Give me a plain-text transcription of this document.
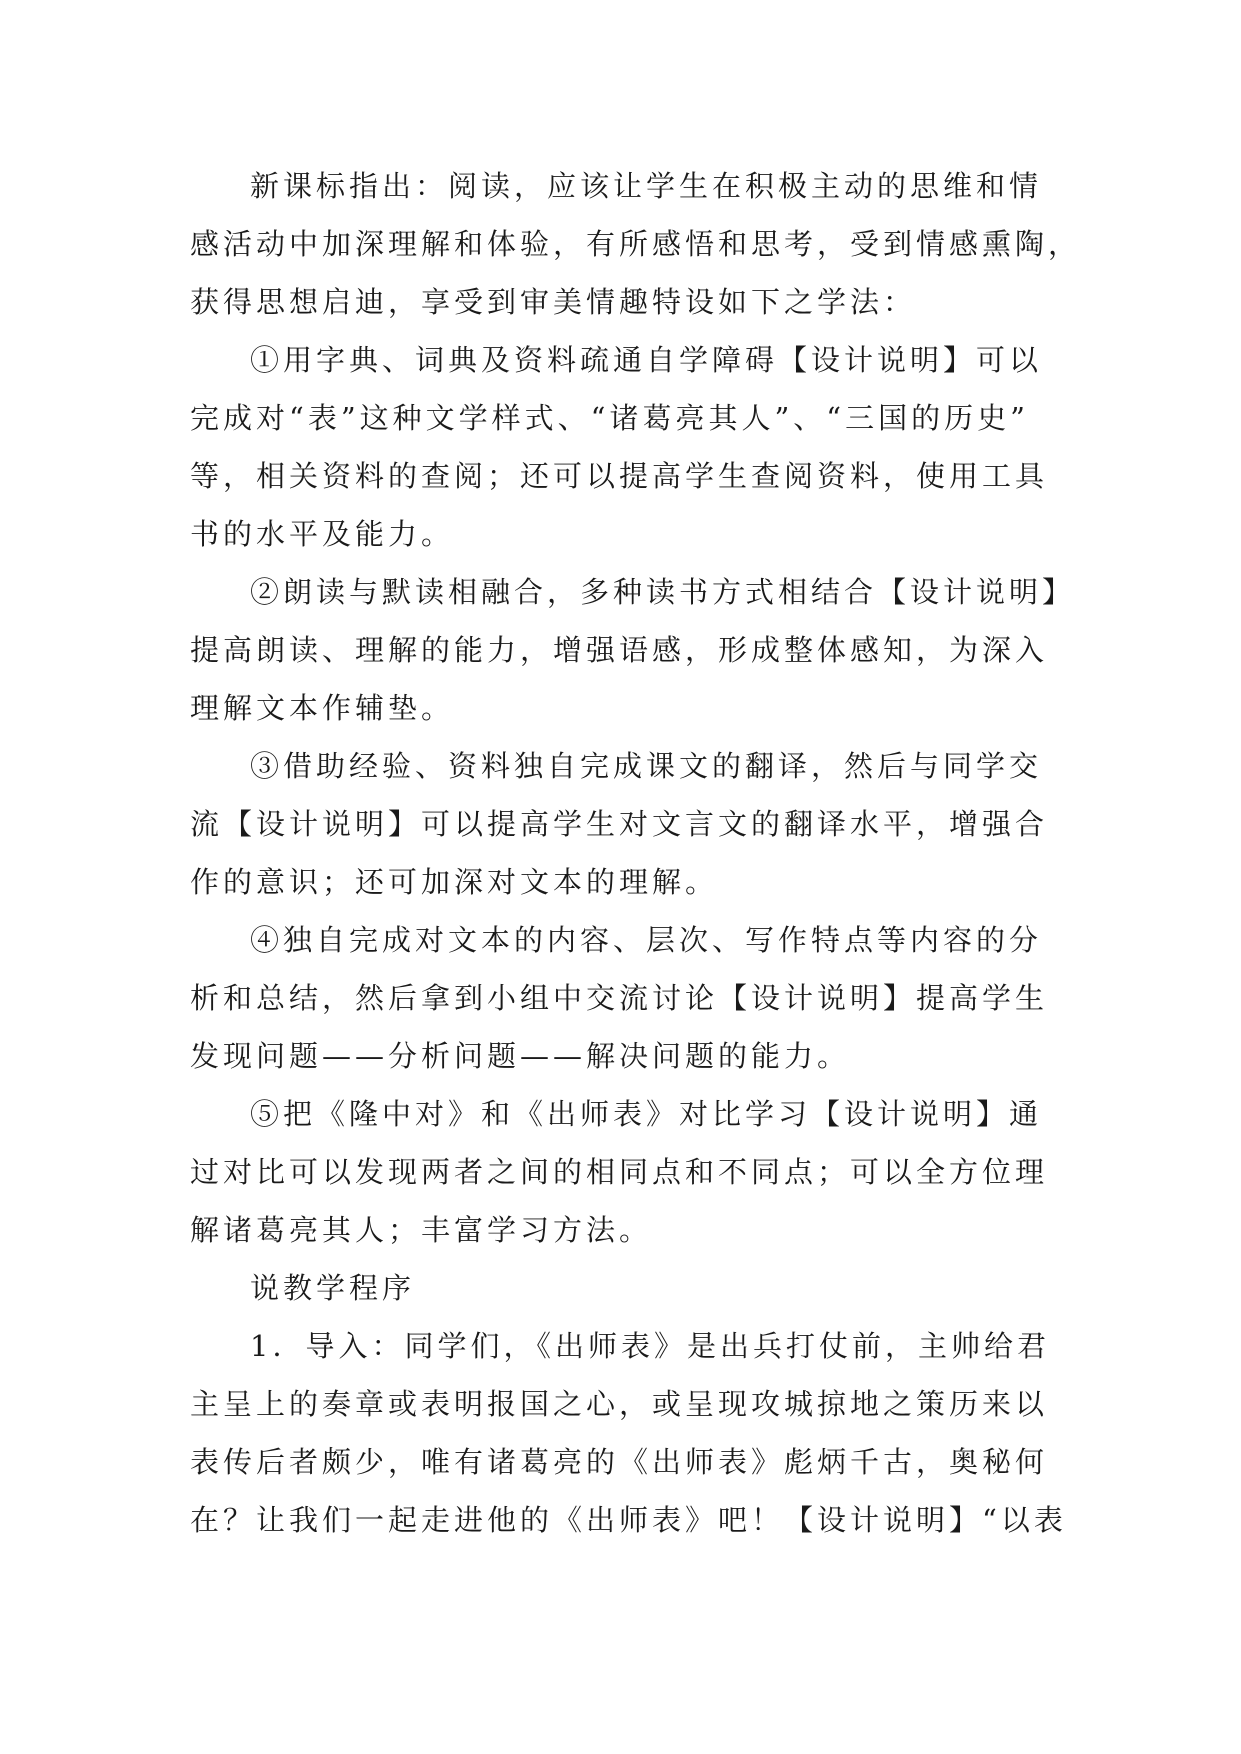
新课标指出：阅读，应该让学生在积极主动的思维和情
感活动中加深理解和体验，有所感悟和思考，受到情感熏陶，
获得思想启迪，享受到审美情趣特设如下之学法：
①用字典、词典及资料疏通自学障碍【设计说明】可以
完成对“表”这种文学样式、“诸葛亮其人”、“三国的历史”
等，相关资料的查阅；还可以提高学生查阅资料，使用工具
书的水平及能力。
②朗读与默读相融合，多种读书方式相结合【设计说明】
提高朗读、理解的能力，增强语感，形成整体感知，为深入
理解文本作辅垫。
③借助经验、资料独自完成课文的翻译，然后与同学交
流【设计说明】可以提高学生对文言文的翻译水平，增强合
作的意识；还可加深对文本的理解。
④独自完成对文本的内容、层次、写作特点等内容的分
析和总结，然后拿到小组中交流讨论【设计说明】提高学生
发现问题——分析问题——解决问题的能力。
⑤把《隆中对》和《出师表》对比学习【设计说明】通
过对比可以发现两者之间的相同点和不同点；可以全方位理
解诸葛亮其人；丰富学习方法。
说教学程序
1．导入：同学们，《出师表》是出兵打仗前，主帅给君
主呈上的奏章或表明报国之心，或呈现攻城掠地之策历来以
表传后者颇少，唯有诸葛亮的《出师表》彪炳千古，奥秘何
在？让我们一起走进他的《出师表》吧！【设计说明】“以表
